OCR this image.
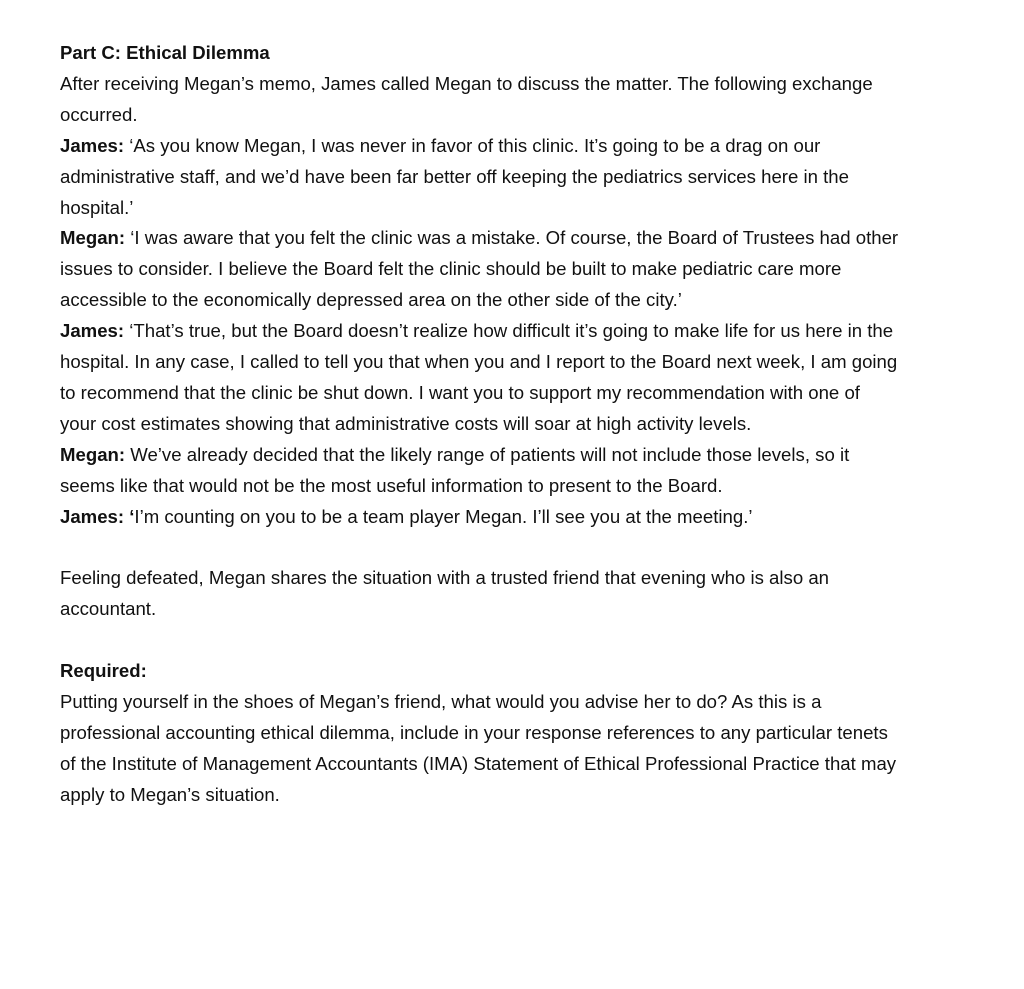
Part C: Ethical Dilemma
After receiving Megan’s memo, James called Megan to discuss the matter. The following exchange
occurred.
James: ‘As you know Megan, I was never in favor of this clinic. It’s going to be a drag on our
administrative staff, and we’d have been far better off keeping the pediatrics services here in the
hospital.’
Megan: ‘I was aware that you felt the clinic was a mistake. Of course, the Board of Trustees had other
issues to consider. I believe the Board felt the clinic should be built to make pediatric care more
accessible to the economically depressed area on the other side of the city.’
James: ‘That’s true, but the Board doesn’t realize how difficult it’s going to make life for us here in the
hospital. In any case, I called to tell you that when you and I report to the Board next week, I am going
to recommend that the clinic be shut down. I want you to support my recommendation with one of
your cost estimates showing that administrative costs will soar at high activity levels.
Megan: We’ve already decided that the likely range of patients will not include those levels, so it
seems like that would not be the most useful information to present to the Board.
James: ‘I’m counting on you to be a team player Megan. I’ll see you at the meeting.’
Feeling defeated, Megan shares the situation with a trusted friend that evening who is also an
accountant.
Required:
Putting yourself in the shoes of Megan’s friend, what would you advise her to do? As this is a
professional accounting ethical dilemma, include in your response references to any particular tenets
of the Institute of Management Accountants (IMA) Statement of Ethical Professional Practice that may
apply to Megan’s situation.
